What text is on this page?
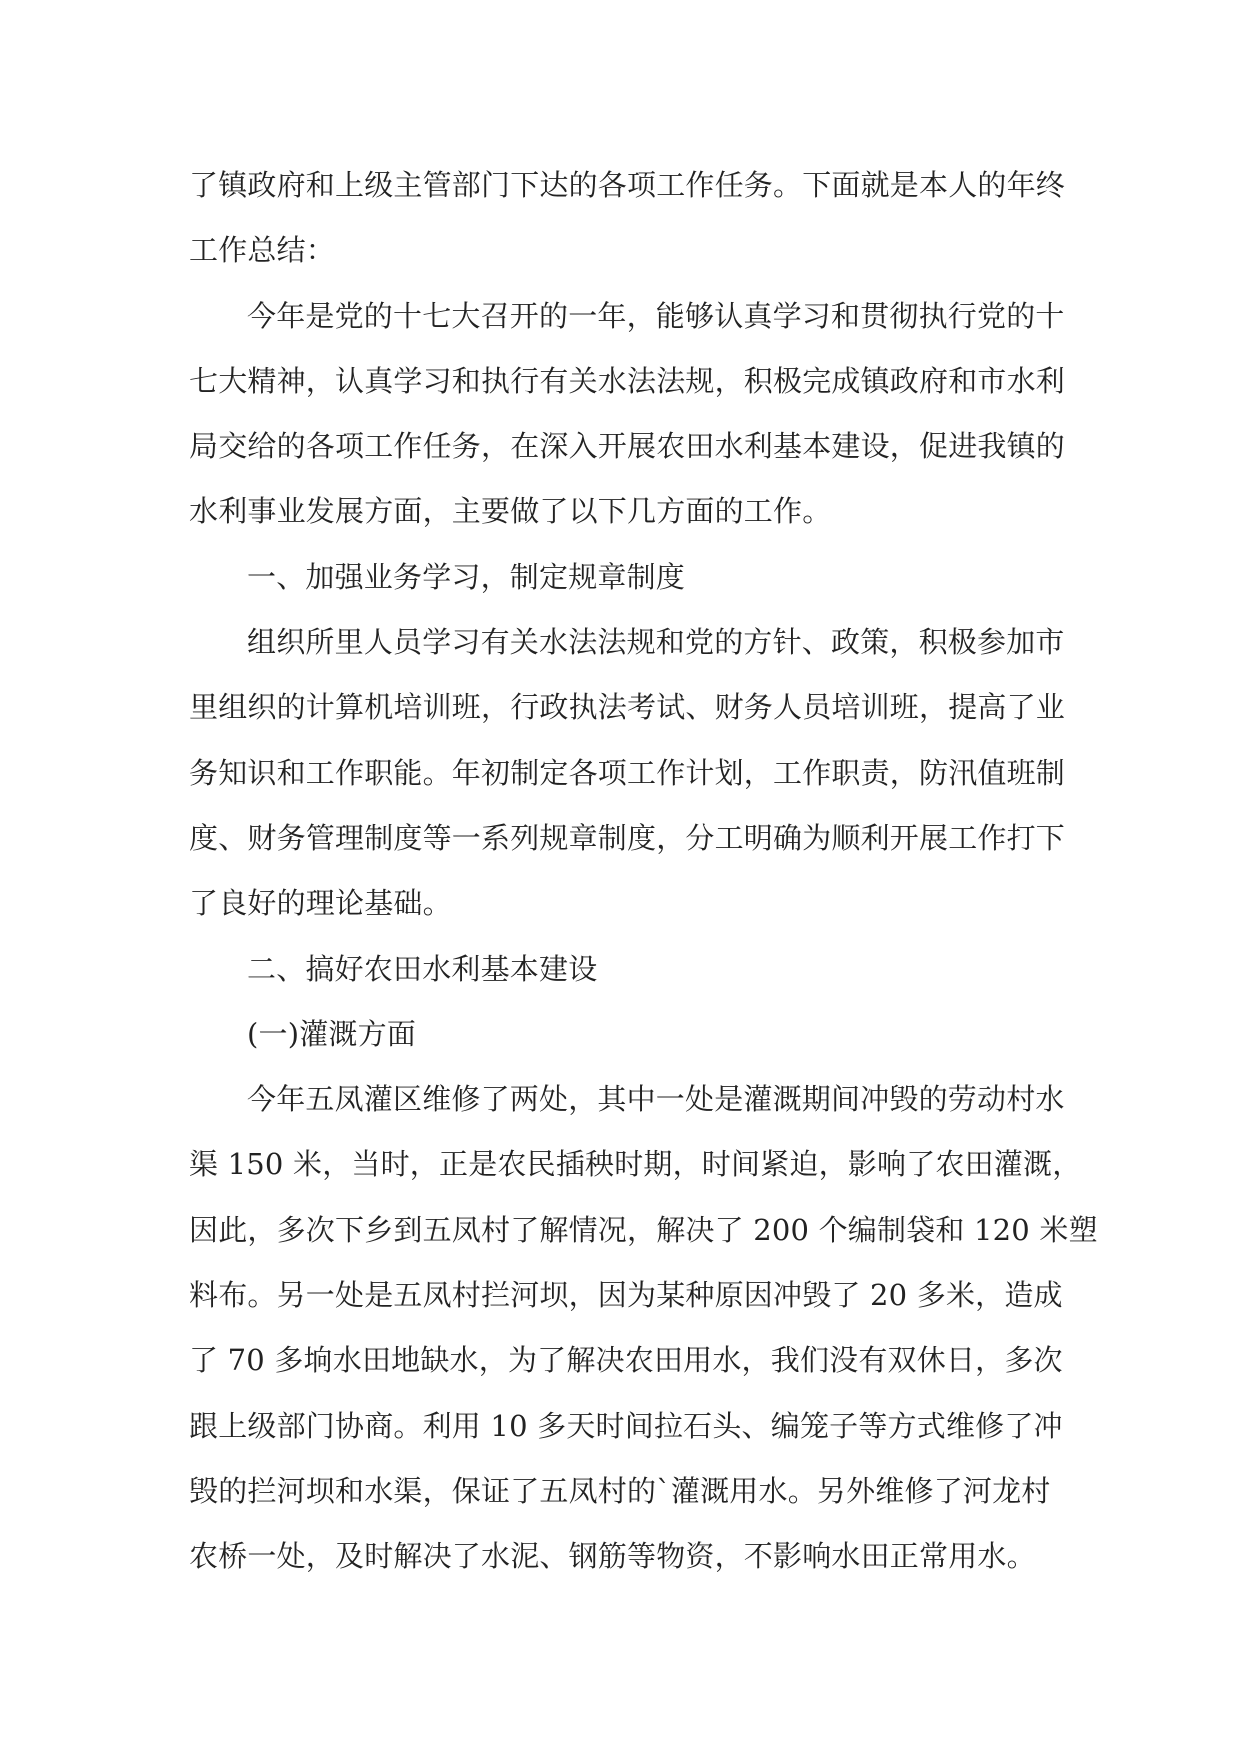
了镇政府和上级主管部门下达的各项工作任务。下面就是本人的年终
工作总结：
今年是党的十七大召开的一年，能够认真学习和贯彻执行党的十
七大精神，认真学习和执行有关水法法规，积极完成镇政府和市水利
局交给的各项工作任务，在深入开展农田水利基本建设，促进我镇的
水利事业发展方面，主要做了以下几方面的工作。
一、加强业务学习，制定规章制度
组织所里人员学习有关水法法规和党的方针、政策，积极参加市
里组织的计算机培训班，行政执法考试、财务人员培训班，提高了业
务知识和工作职能。年初制定各项工作计划，工作职责，防汛值班制
度、财务管理制度等一系列规章制度，分工明确为顺利开展工作打下
了良好的理论基础。
二、搞好农田水利基本建设
(一)灌溉方面
今年五凤灌区维修了两处，其中一处是灌溉期间冲毁的劳动村水
渠 150 米，当时，正是农民插秧时期，时间紧迫，影响了农田灌溉，
因此，多次下乡到五凤村了解情况，解决了 200 个编制袋和 120 米塑
料布。另一处是五凤村拦河坝，因为某种原因冲毁了 20 多米，造成
了 70 多垧水田地缺水，为了解决农田用水，我们没有双休日，多次
跟上级部门协商。利用 10 多天时间拉石头、编笼子等方式维修了冲
毁的拦河坝和水渠，保证了五凤村的`灌溉用水。另外维修了河龙村
农桥一处，及时解决了水泥、钢筋等物资，不影响水田正常用水。
